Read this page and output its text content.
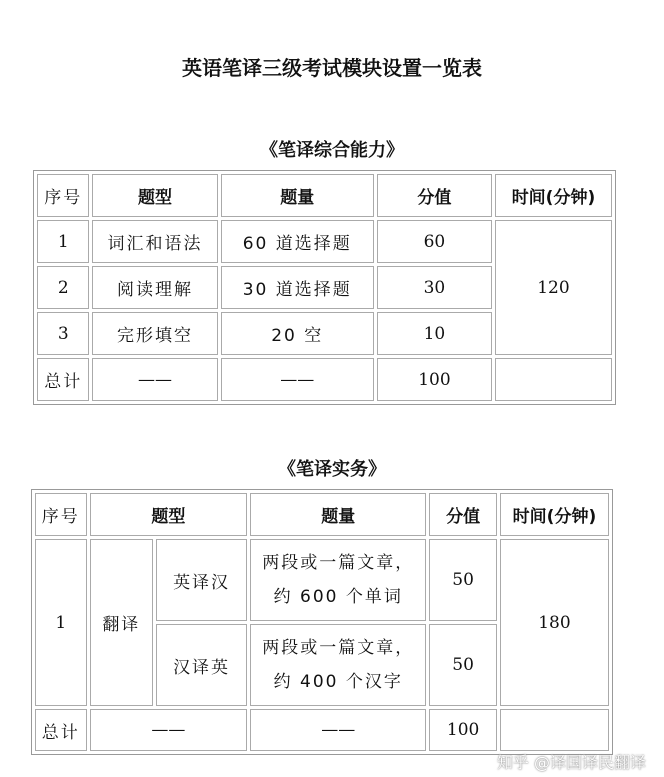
英语笔译三级考试模块设置一览表
《笔译综合能力》
序号	题型	题量	分值	时间(分钟)
1	词汇和语法	60 道选择题	60	120
2	阅读理解	30 道选择题	30	
3	完形填空	20 空	10	
总计	——	——	100	
《笔译实务》
序号	题型		题量	分值	时间(分钟)
1	翻译	英译汉	两段或一篇文章，
约 600 个单词	50	180
		汉译英	两段或一篇文章，
约 400 个汉字	50	
总计	——		——	100	
知乎 @译国译民翻译
